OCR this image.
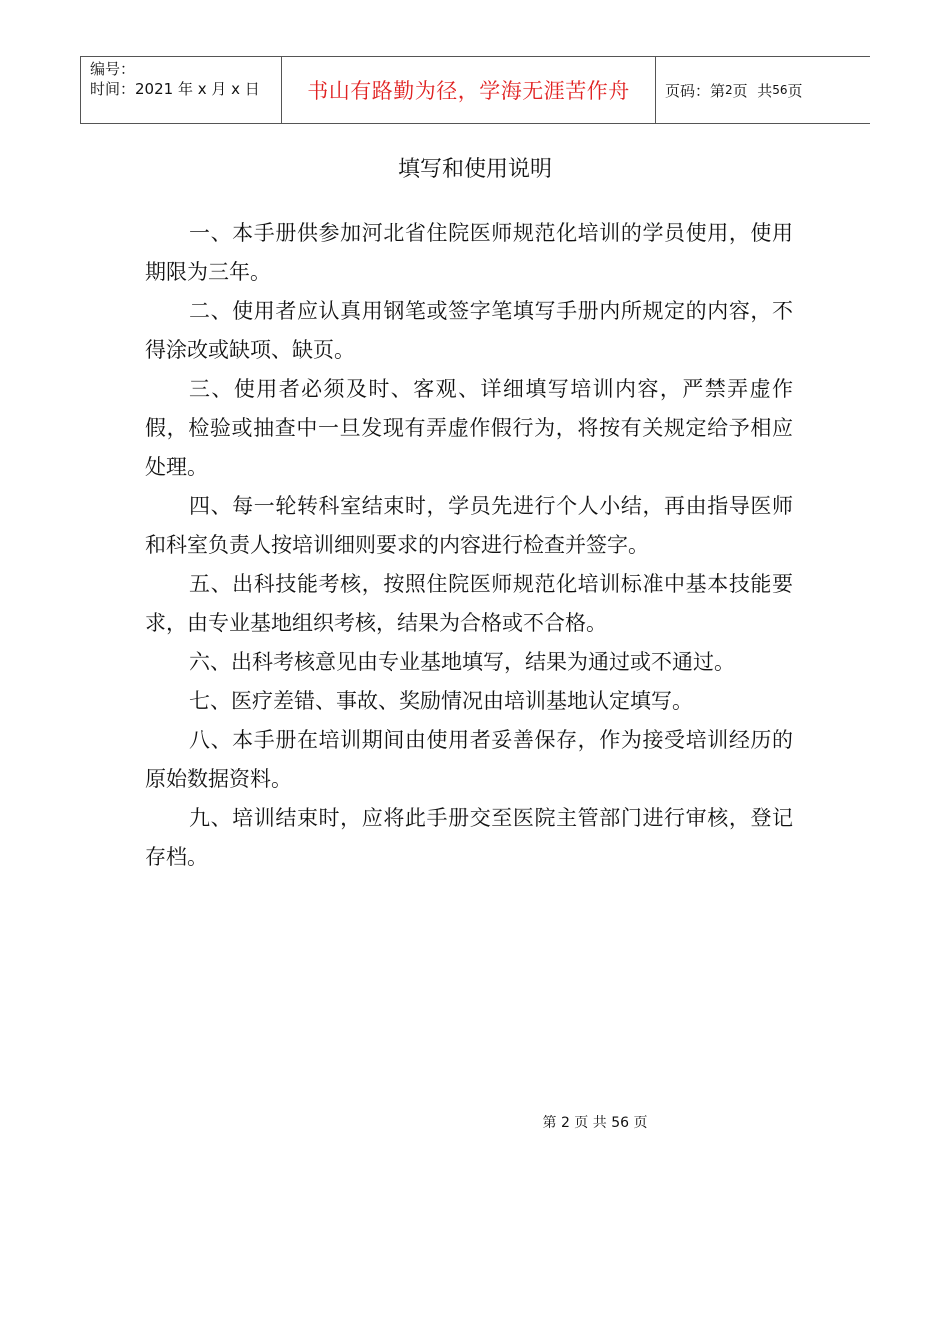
编号：
时间：2021 年 x 月 x 日	书山有路勤为径，学海无涯苦作舟 页码：第 2 页  共 56 页
填写和使用说明

一、本手册供参加河北省住院医师规范化培训的学员使用，使用期限为三年。

二、使用者应认真用钢笔或签字笔填写手册内所规定的内容，不得涂改或缺项、缺页。

三、使用者必须及时、客观、详细填写培训内容，严禁弄虚作假，检验或抽查中一旦发现有弄虚作假行为，将按有关规定给予相应处理。

四、每一轮转科室结束时，学员先进行个人小结，再由指导医师和科室负责人按培训细则要求的内容进行检查并签字。

五、出科技能考核，按照住院医师规范化培训标准中基本技能要求，由专业基地组织考核，结果为合格或不合格。

六、出科考核意见由专业基地填写，结果为通过或不通过。

七、医疗差错、事故、奖励情况由培训基地认定填写。

八、本手册在培训期间由使用者妥善保存，作为接受培训经历的原始数据资料。

九、培训结束时，应将此手册交至医院主管部门进行审核，登记存档。

第 2 页 共 56 页
